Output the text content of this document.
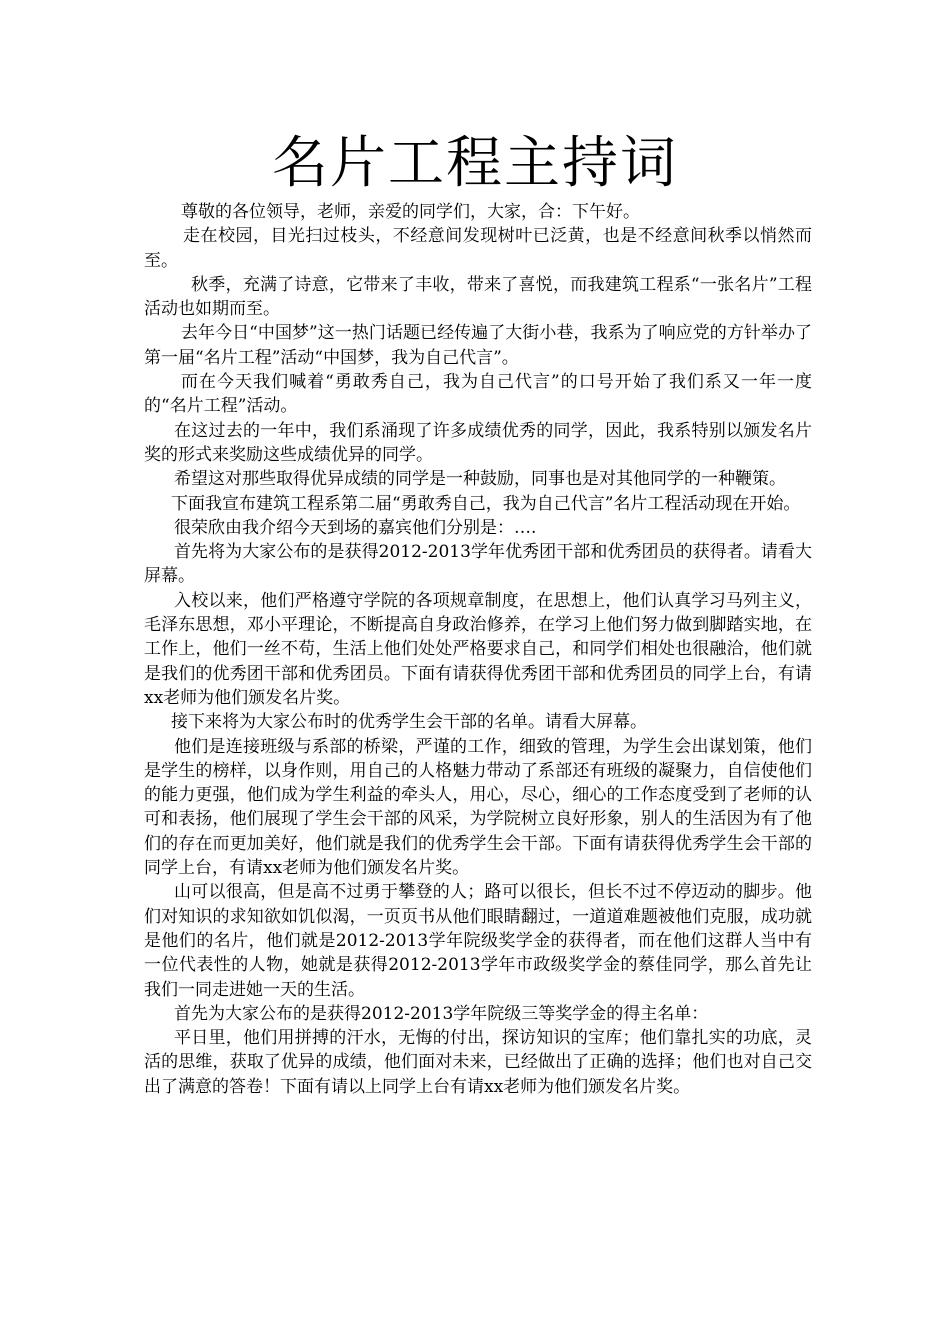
名片工程主持词

尊敬的各位领导，老师，亲爱的同学们，大家，合：下午好。

走在校园，目光扫过枝头，不经意间发现树叶已泛黄，也是不经意间秋季以悄然而至。

秋季，充满了诗意，它带来了丰收，带来了喜悦，而我建筑工程系“一张名片”工程活动也如期而至。

去年今日“中国梦”这一热门话题已经传遍了大街小巷，我系为了响应党的方针举办了第一届“名片工程”活动“中国梦，我为自己代言”。

而在今天我们喊着“勇敢秀自己，我为自己代言”的口号开始了我们系又一年一度的“名片工程”活动。

在这过去的一年中，我们系涌现了许多成绩优秀的同学，因此，我系特别以颁发名片奖的形式来奖励这些成绩优异的同学。

希望这对那些取得优异成绩的同学是一种鼓励，同事也是对其他同学的一种鞭策。

下面我宣布建筑工程系第二届“勇敢秀自己，我为自己代言”名片工程活动现在开始。

很荣欣由我介绍今天到场的嘉宾他们分别是：….

首先将为大家公布的是获得2012-2013学年优秀团干部和优秀团员的获得者。请看大屏幕。

入校以来，他们严格遵守学院的各项规章制度，在思想上，他们认真学习马列主义，毛泽东思想，邓小平理论，不断提高自身政治修养，在学习上他们努力做到脚踏实地，在工作上，他们一丝不苟，生活上他们处处严格要求自己，和同学们相处也很融洽，他们就是我们的优秀团干部和优秀团员。下面有请获得优秀团干部和优秀团员的同学上台，有请xx老师为他们颁发名片奖。

接下来将为大家公布时的优秀学生会干部的名单。请看大屏幕。

他们是连接班级与系部的桥梁，严谨的工作，细致的管理，为学生会出谋划策，他们是学生的榜样，以身作则，用自己的人格魅力带动了系部还有班级的凝聚力，自信使他们的能力更强，他们成为学生利益的牵头人，用心，尽心，细心的工作态度受到了老师的认可和表扬，他们展现了学生会干部的风采，为学院树立良好形象，别人的生活因为有了他们的存在而更加美好，他们就是我们的优秀学生会干部。下面有请获得优秀学生会干部的同学上台，有请xx老师为他们颁发名片奖。

山可以很高，但是高不过勇于攀登的人；路可以很长，但长不过不停迈动的脚步。他们对知识的求知欲如饥似渴，一页页书从他们眼睛翻过，一道道难题被他们克服，成功就是他们的名片，他们就是2012-2013学年院级奖学金的获得者，而在他们这群人当中有一位代表性的人物，她就是获得2012-2013学年市政级奖学金的蔡佳同学，那么首先让我们一同走进她一天的生活。

首先为大家公布的是获得2012-2013学年院级三等奖学金的得主名单：

平日里，他们用拼搏的汗水，无悔的付出，探访知识的宝库；他们靠扎实的功底，灵活的思维，获取了优异的成绩，他们面对未来，已经做出了正确的选择；他们也对自己交出了满意的答卷！下面有请以上同学上台有请xx老师为他们颁发名片奖。
